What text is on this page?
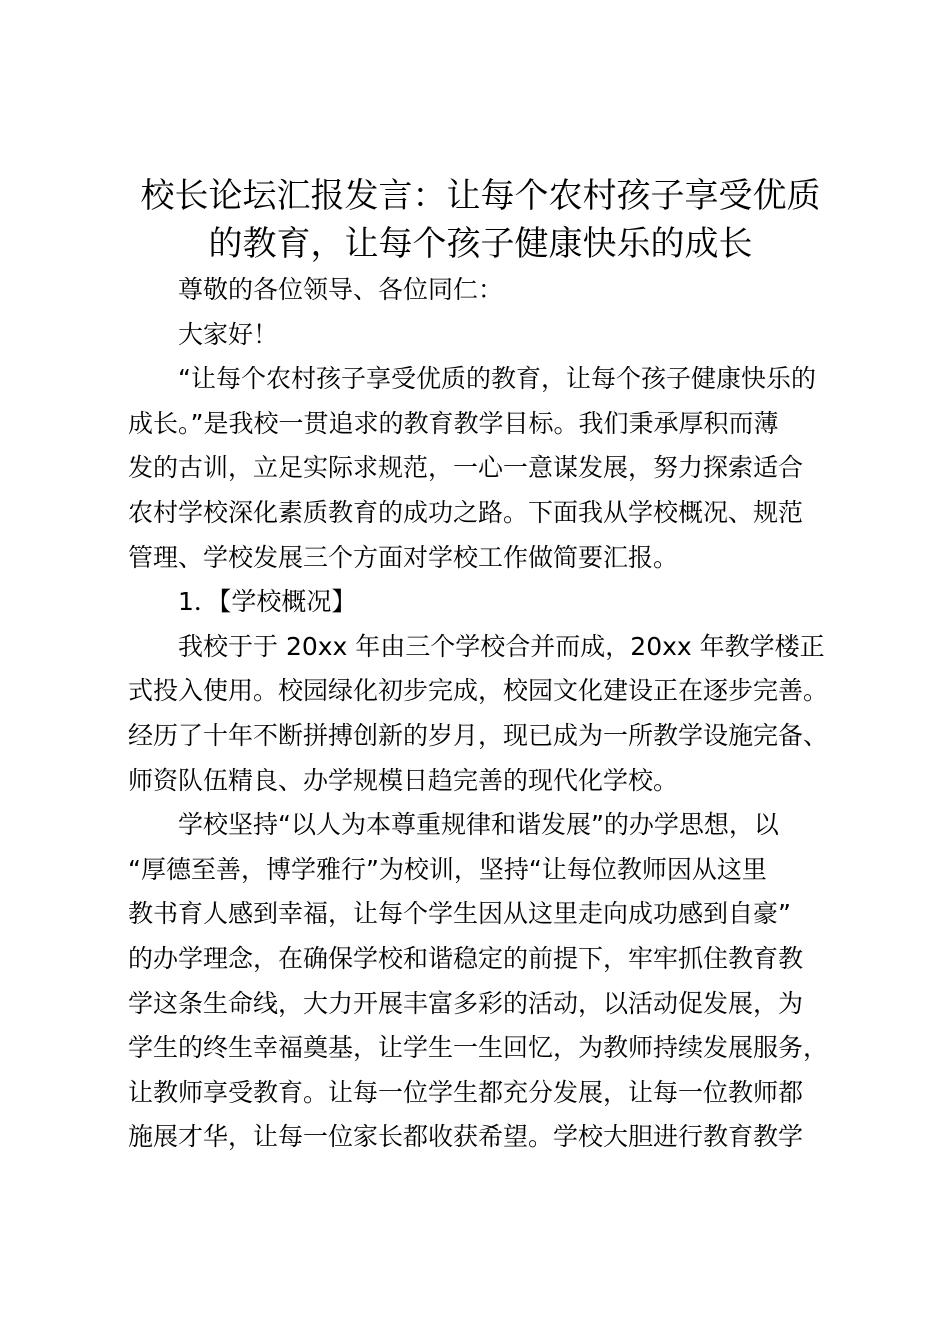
校长论坛汇报发言：让每个农村孩子享受优质
的教育，让每个孩子健康快乐的成长
尊敬的各位领导、各位同仁：
大家好！
“让每个农村孩子享受优质的教育，让每个孩子健康快乐的
成长。”是我校一贯追求的教育教学目标。我们秉承厚积而薄
发的古训，立足实际求规范，一心一意谋发展，努力探索适合
农村学校深化素质教育的成功之路。下面我从学校概况、规范
管理、学校发展三个方面对学校工作做简要汇报。
1．【学校概况】
我校于于 20xx 年由三个学校合并而成，20xx 年教学楼正
式投入使用。校园绿化初步完成，校园文化建设正在逐步完善。
经历了十年不断拼搏创新的岁月，现已成为一所教学设施完备、
师资队伍精良、办学规模日趋完善的现代化学校。
学校坚持“以人为本尊重规律和谐发展”的办学思想，以
“厚德至善，博学雅行”为校训，坚持“让每位教师因从这里
教书育人感到幸福，让每个学生因从这里走向成功感到自豪”
的办学理念，在确保学校和谐稳定的前提下，牢牢抓住教育教
学这条生命线，大力开展丰富多彩的活动，以活动促发展，为
学生的终生幸福奠基，让学生一生回忆，为教师持续发展服务，
让教师享受教育。让每一位学生都充分发展，让每一位教师都
施展才华，让每一位家长都收获希望。学校大胆进行教育教学
